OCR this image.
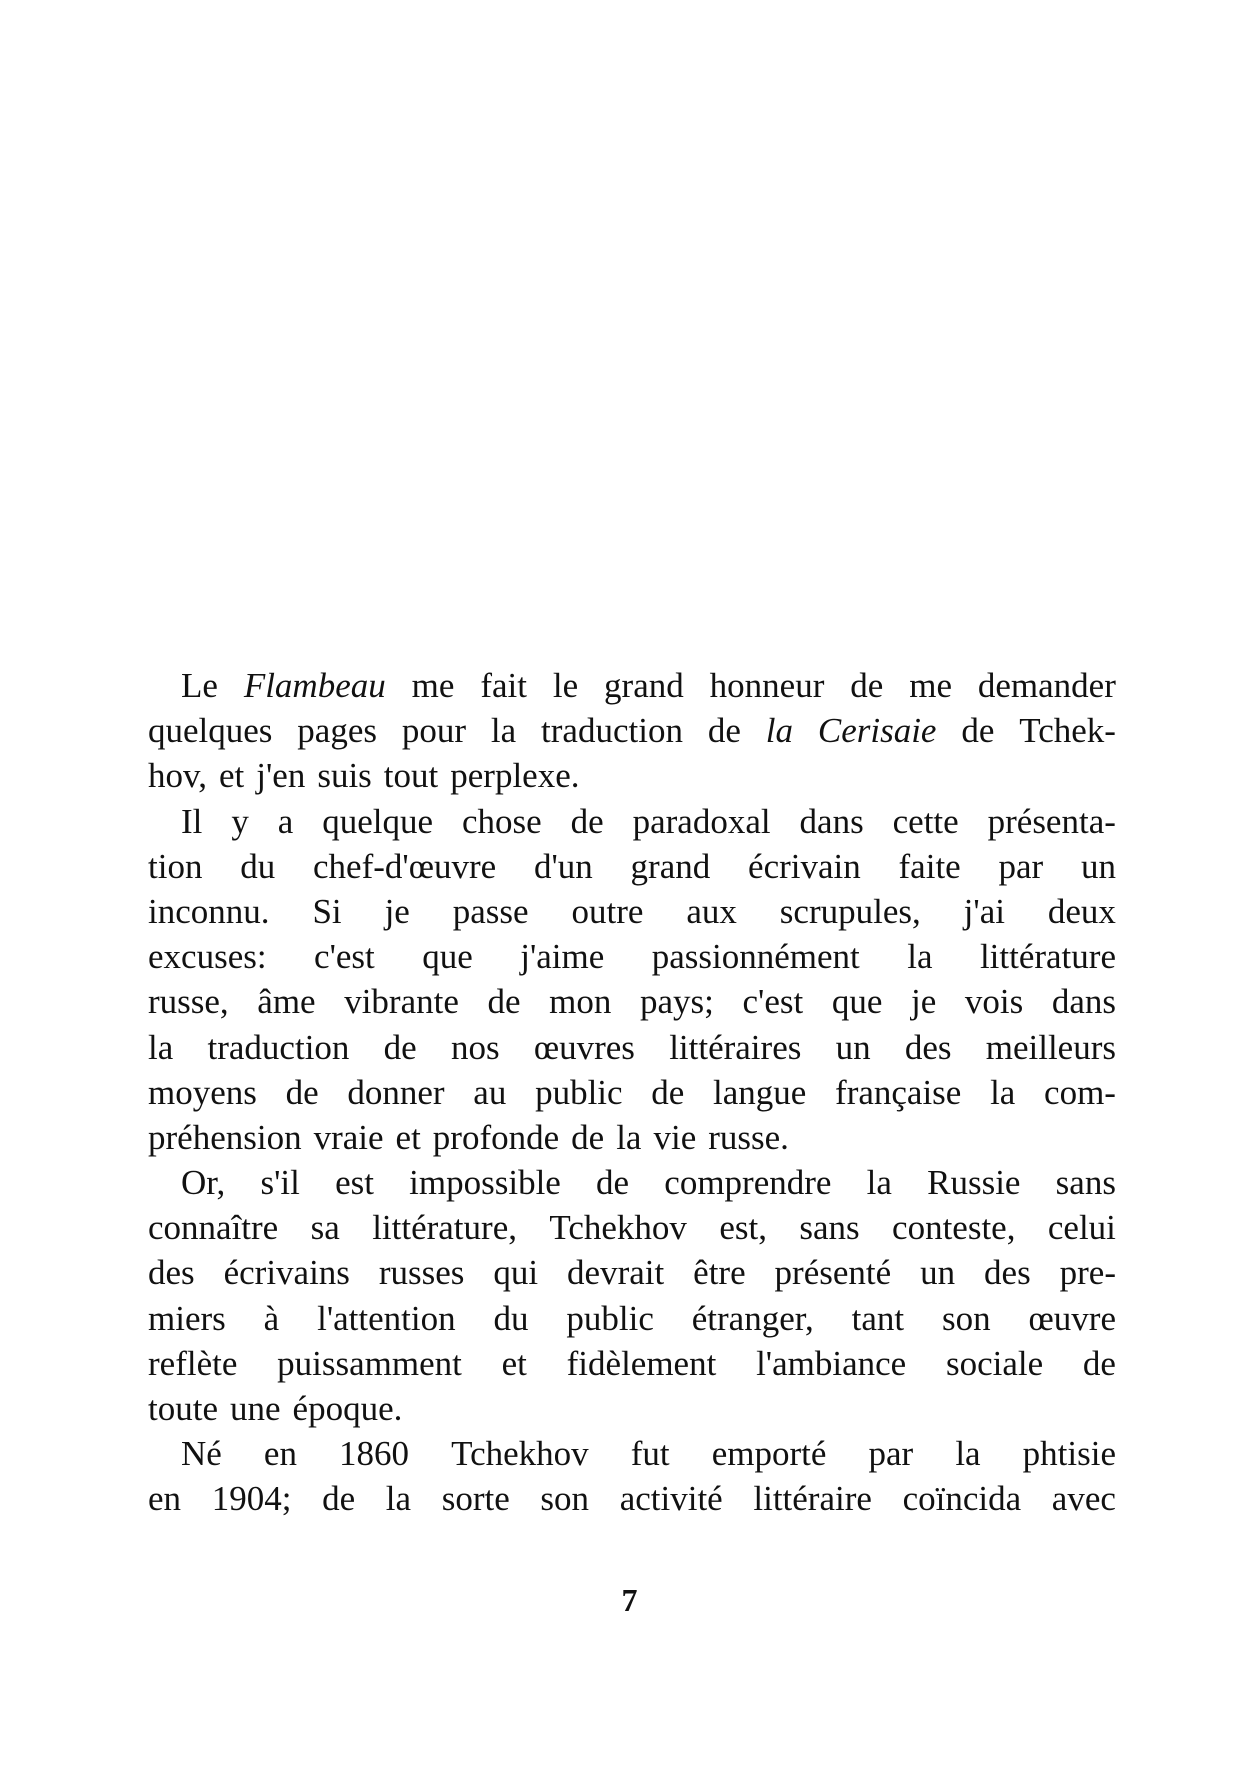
Le Flambeau me fait le grand honneur de me demander
quelques pages pour la traduction de la Cerisaie de Tchek-
hov, et j'en suis tout perplexe.
Il y a quelque chose de paradoxal dans cette présenta-
tion du chef-d'œuvre d'un grand écrivain faite par un
inconnu. Si je passe outre aux scrupules, j'ai deux
excuses: c'est que j'aime passionnément la littérature
russe, âme vibrante de mon pays; c'est que je vois dans
la traduction de nos œuvres littéraires un des meilleurs
moyens de donner au public de langue française la com-
préhension vraie et profonde de la vie russe.
Or, s'il est impossible de comprendre la Russie sans
connaître sa littérature, Tchekhov est, sans conteste, celui
des écrivains russes qui devrait être présenté un des pre-
miers à l'attention du public étranger, tant son œuvre
reflète puissamment et fidèlement l'ambiance sociale de
toute une époque.
Né en 1860 Tchekhov fut emporté par la phtisie
en 1904; de la sorte son activité littéraire coïncida avec
7
